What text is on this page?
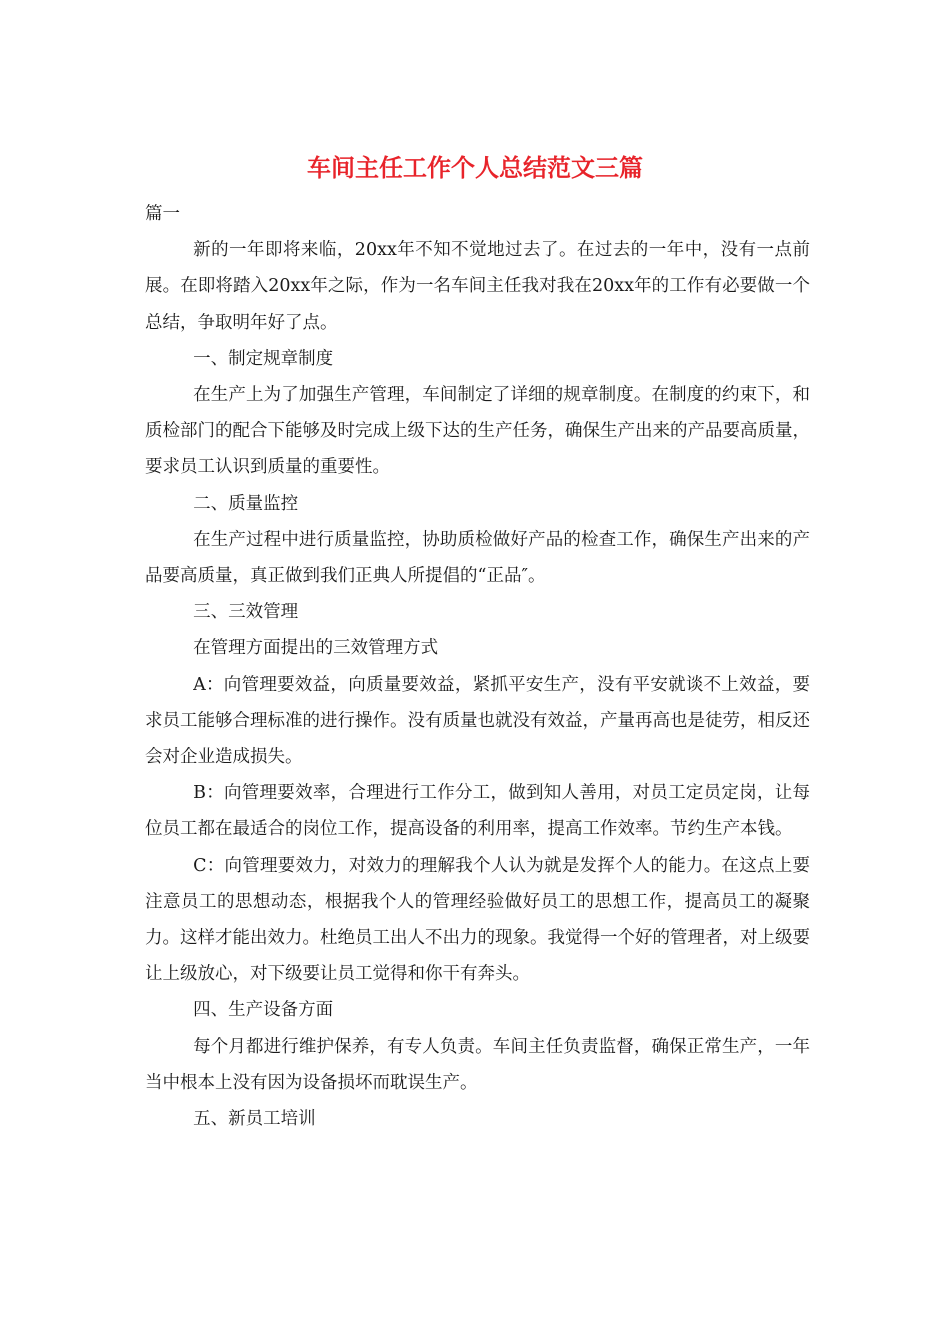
车间主任工作个人总结范文三篇

篇一

新的一年即将来临，20xx年不知不觉地过去了。在过去的一年中，没有一点前展。在即将踏入20xx年之际，作为一名车间主任我对我在20xx年的工作有必要做一个总结，争取明年好了点。

一、制定规章制度

在生产上为了加强生产管理，车间制定了详细的规章制度。在制度的约束下，和质检部门的配合下能够及时完成上级下达的生产任务，确保生产出来的产品要高质量，要求员工认识到质量的重要性。

二、质量监控

在生产过程中进行质量监控，协助质检做好产品的检查工作，确保生产出来的产品要高质量，真正做到我们正典人所提倡的“正品″。

三、三效管理

在管理方面提出的三效管理方式

A：向管理要效益，向质量要效益，紧抓平安生产，没有平安就谈不上效益，要求员工能够合理标准的进行操作。没有质量也就没有效益，产量再高也是徒劳，相反还会对企业造成损失。

B：向管理要效率，合理进行工作分工，做到知人善用，对员工定员定岗，让每位员工都在最适合的岗位工作，提高设备的利用率，提高工作效率。节约生产本钱。

C：向管理要效力，对效力的理解我个人认为就是发挥个人的能力。在这点上要注意员工的思想动态，根据我个人的管理经验做好员工的思想工作，提高员工的凝聚力。这样才能出效力。杜绝员工出人不出力的现象。我觉得一个好的管理者，对上级要让上级放心，对下级要让员工觉得和你干有奔头。

四、生产设备方面

每个月都进行维护保养，有专人负责。车间主任负责监督，确保正常生产，一年当中根本上没有因为设备损坏而耽误生产。

五、新员工培训
